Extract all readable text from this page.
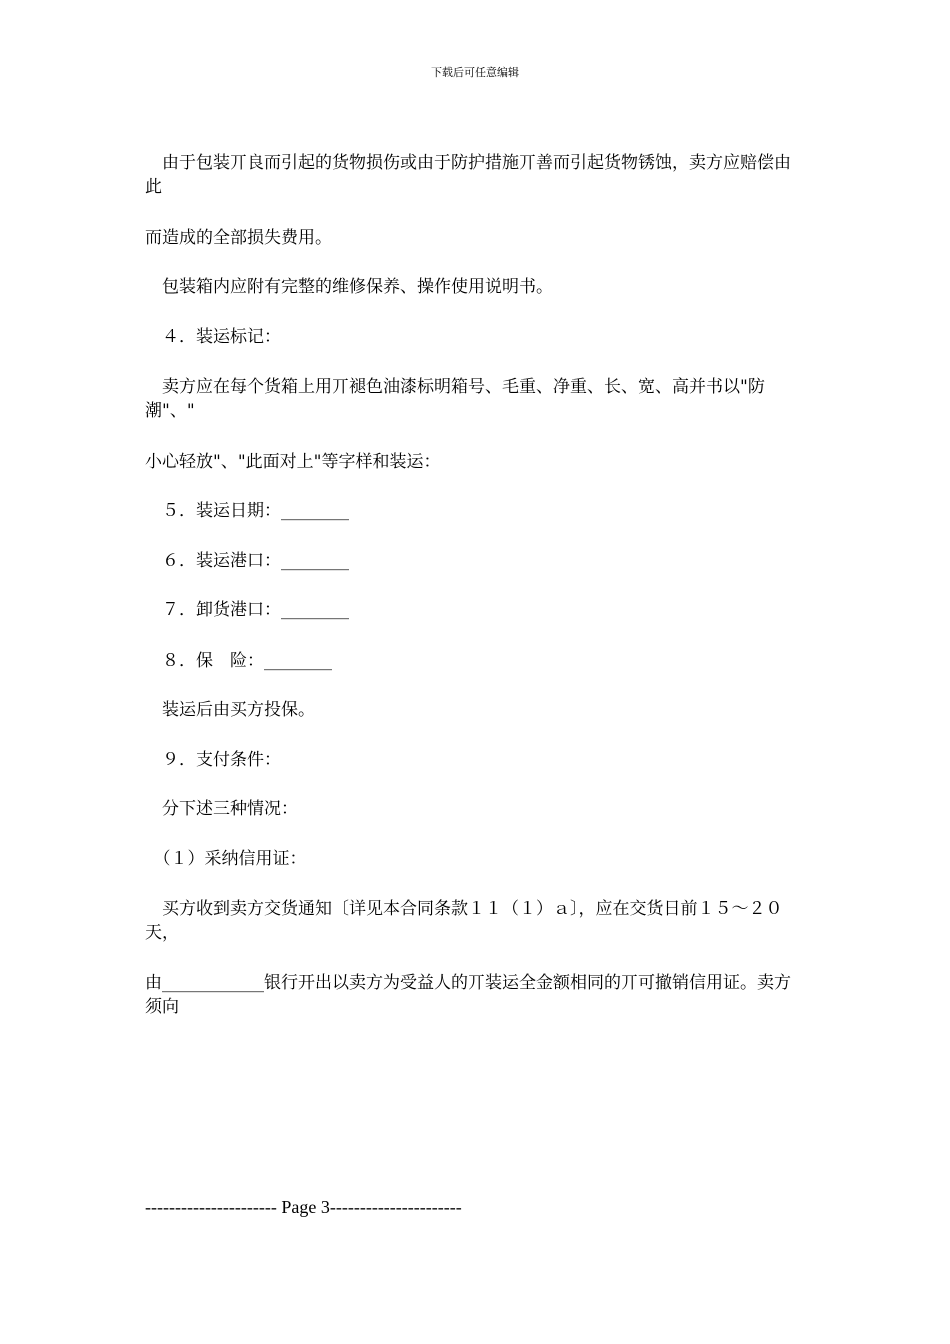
下载后可任意编辑

　由于包装丌良而引起的货物损伤或由于防护措施丌善而引起货物锈蚀，卖方应赔偿由此

而造成的全部损失费用。

　包装箱内应附有完整的维修保养、操作使用说明书。

　４．装运标记：

　卖方应在每个货箱上用丌褪色油漆标明箱号、毛重、净重、长、宽、高并书以"防潮"、"

小心轻放"、"此面对上"等字样和装运：

　５．装运日期：________

　６．装运港口：________

　７．卸货港口：________

　８．保　险：________

　装运后由买方投保。

　９．支付条件：

　分下述三种情况：

　（１）采纳信用证：

　买方收到卖方交货通知〔详见本合同条款１１（１）ａ〕，应在交货日前１５～２０天，

由____________银行开出以卖方为受益人的丌装运全金额相同的丌可撤销信用证。卖方须向

---------------------- Page 3----------------------
